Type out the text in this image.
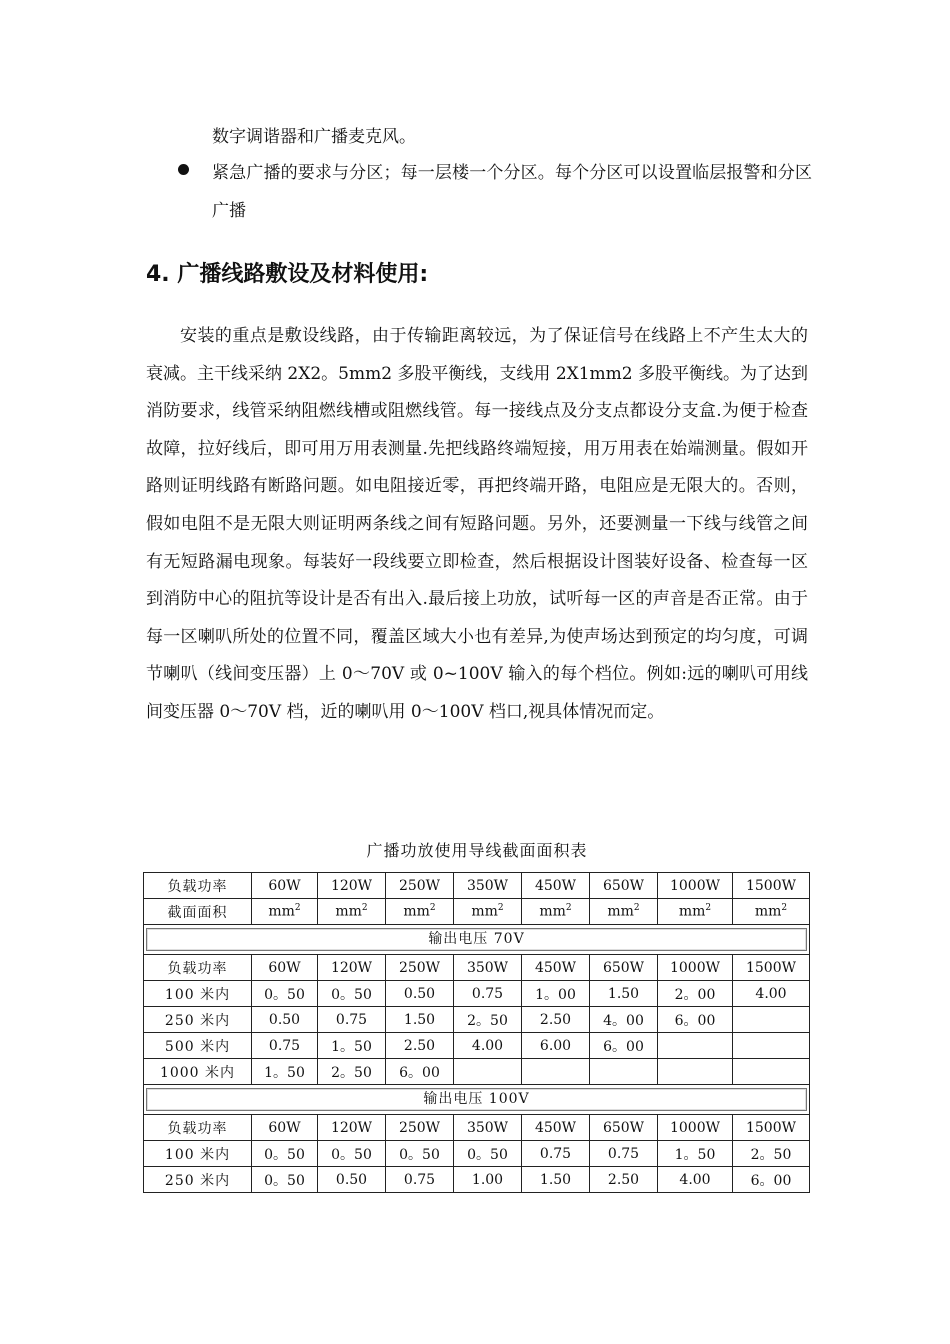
数字调谐器和广播麦克风。
紧急广播的要求与分区；每一层楼一个分区。每个分区可以设置临层报警和分区广播
4. 广播线路敷设及材料使用:

安装的重点是敷设线路，由于传输距离较远，为了保证信号在线路上不产生太大的衰减。主干线采纳 2X2。5mm2 多股平衡线，支线用 2X1mm2 多股平衡线。为了达到消防要求，线管采纳阻燃线槽或阻燃线管。每一接线点及分支点都设分支盒.为便于检查故障，拉好线后，即可用万用表测量.先把线路终端短接，用万用表在始端测量。假如开路则证明线路有断路问题。如电阻接近零，再把终端开路，电阻应是无限大的。否则， 假如电阻不是无限大则证明两条线之间有短路问题。另外，还要测量一下线与线管之间有无短路漏电现象。每装好一段线要立即检查，然后根据设计图装好设备、检查每一区到消防中心的阻抗等设计是否有出入.最后接上功放，试听每一区的声音是否正常。由于每一区喇叭所处的位置不同，覆盖区域大小也有差异,为使声场达到预定的均匀度，可调节喇叭（线间变压器）上 0～70V 或 0~100V 输入的每个档位。例如:远的喇叭可用线间变压器 0～70V 档，近的喇叭用 0～100V 档口,视具体情况而定。

广播功放使用导线截面面积表
负载功率	60W	120W	250W	350W	450W	650W	1000W	1500W
截面面积	$mm^2$	$mm^2$	$mm^2$	$mm^2$	$mm^2$	$mm^2$	$mm^2$	$mm^2$

输出电压 70V								

负载功率	60W	120W	250W	350W	450W	650W	1000W	1500W
100 米内	0。50	0。50	0.50	0.75	1。00	1.50	2。00	4.00
250 米内	0.50	0.75	1.50	2。50	2.50	4。00	6。00	
500 米内	0.75	1。50	2.50	4.00	6.00	6。00		
1000 米内	1。50	2。50	6。00					

输出电压 100V								

负载功率	60W	120W	250W	350W	450W	650W	1000W	1500W
100 米内	0。50	0。50	0。50	0。50	0.75	0.75	1。50	2。50
250 米内	0。50	0.50	0.75	1.00	1.50	2.50	4.00	6。00
